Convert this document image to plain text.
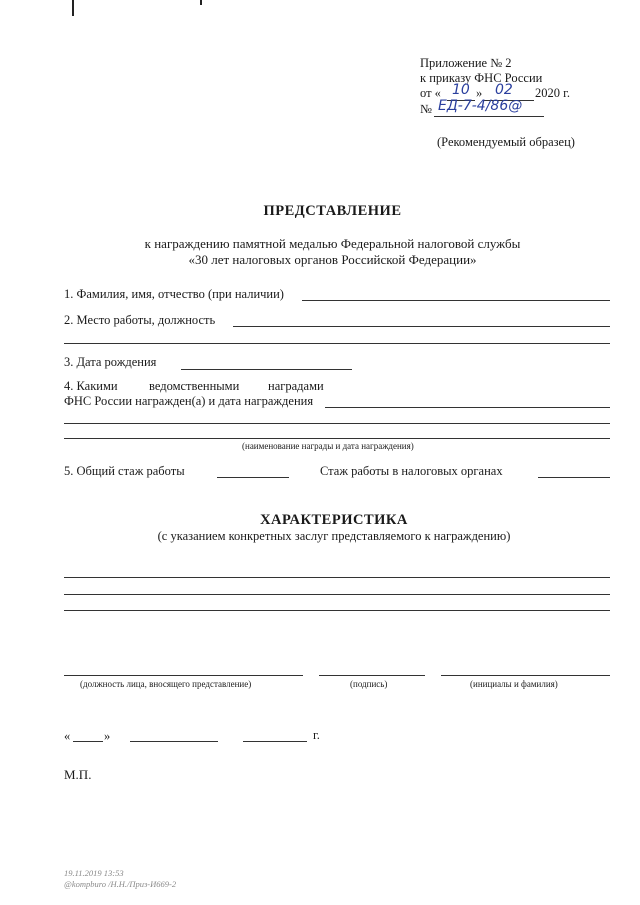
Приложение № 2
к приказу ФНС России
от « 10 » 02 2020 г.
№ ЕД-7-4/86@
(Рекомендуемый образец)
ПРЕДСТАВЛЕНИЕ
к награждению памятной медалью Федеральной налоговой службы
«30 лет налоговых органов Российской Федерации»
1. Фамилия, имя, отчество (при наличии)
2. Место работы, должность
3. Дата рождения
4. Какими	ведомственными наградами
ФНС России награжден(а) и дата награждения
(наименование награды и дата награждения)
5. Общий стаж работы	Стаж работы в налоговых органах
ХАРАКТЕРИСТИКА
(с указанием конкретных заслуг представляемого к награждению)
(должность лица, вносящего представление)	(подпись)	(инициалы и фамилия)
«	»	г.
М.П.
19.11.2019 13:53
@kompburo /Н.Н./Приз-И669-2
